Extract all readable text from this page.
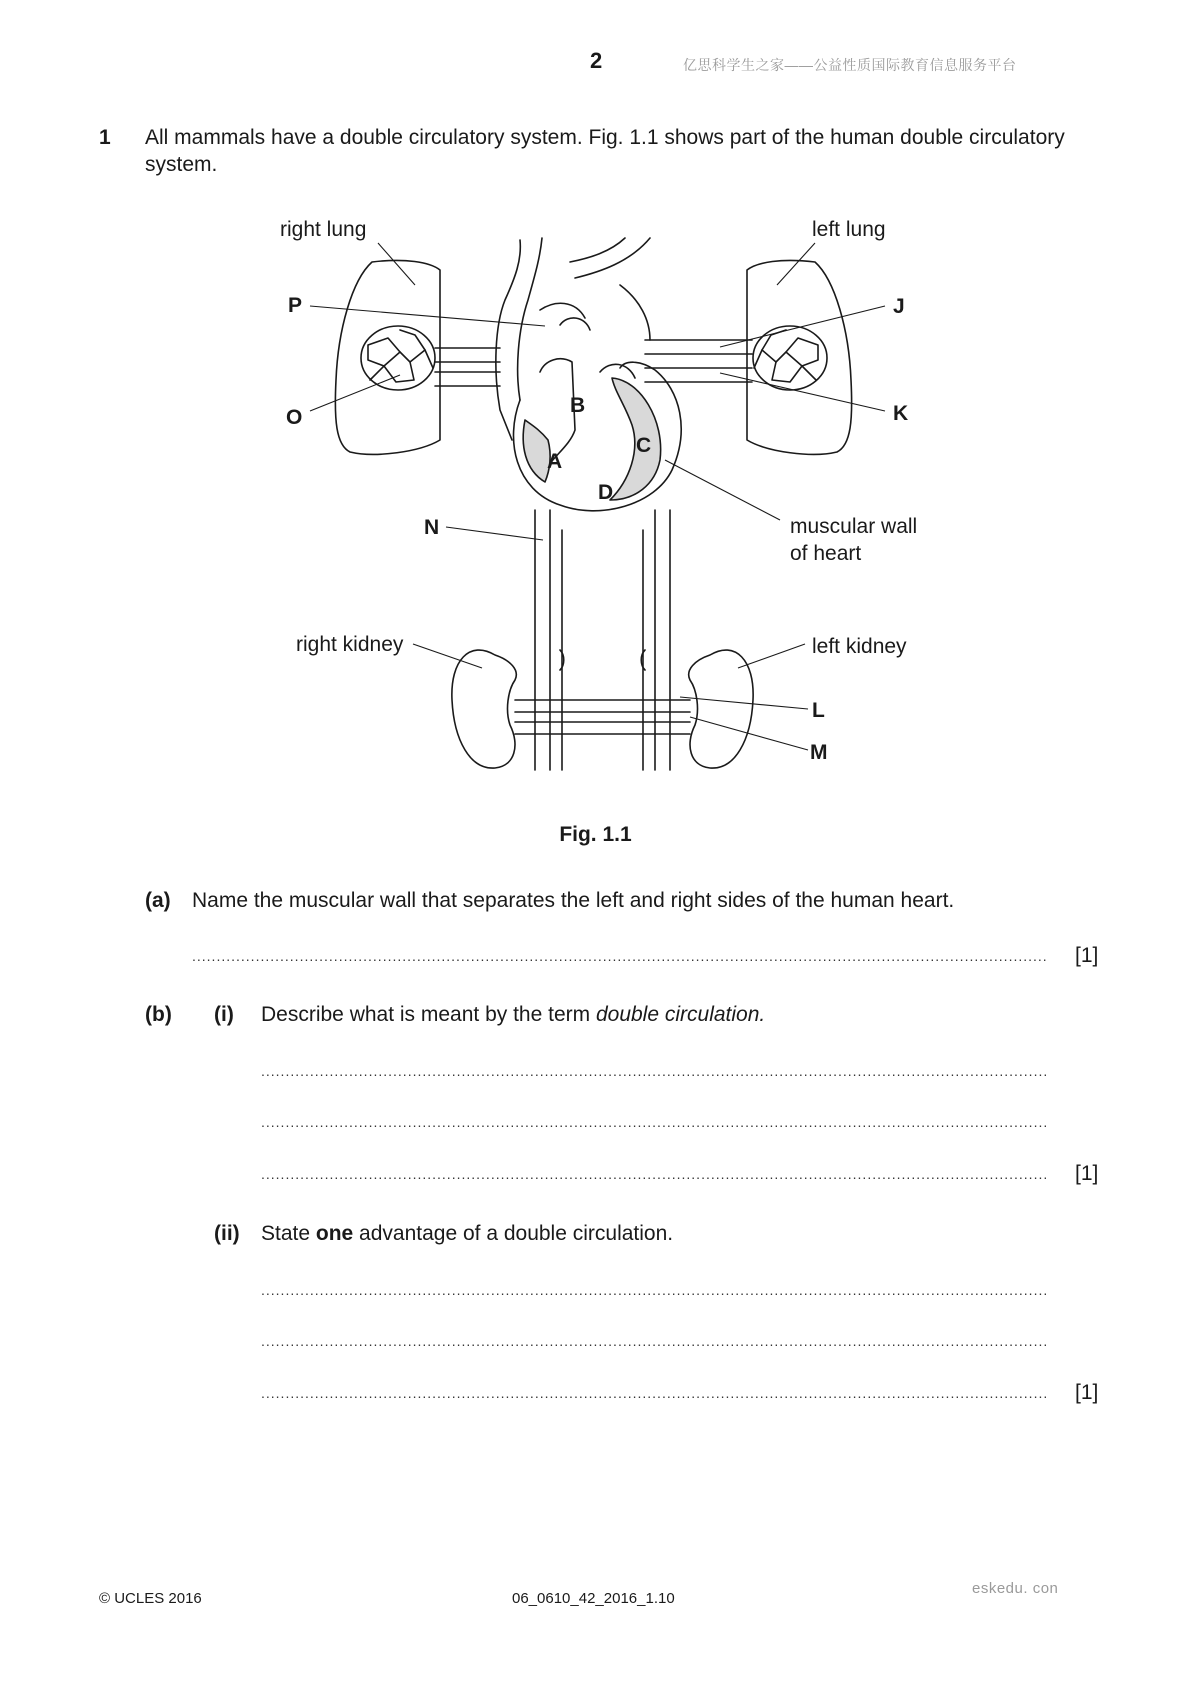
2	亿思科学生之家——公益性质国际教育信息服务平台
1 All mammals have a double circulatory system. Fig. 1.1 shows part of the human double circulatory system.
right lung	left lung
P	J
O	K
B
C
A
D
N	muscular wall
of heart
right kidney	left kidney
L
M
Fig. 1.1
(a) Name the muscular wall that separates the left and right sides of the human heart.
.....
[1]
(b) (i) Describe what is meant by the term double circulation.
.....
.....
.....
[1]
(ii) State one advantage of a double circulation.
.....
.....
.....
[1]
© UCLES 2016	06_0610_42_2016_1.10
eskedu. con
